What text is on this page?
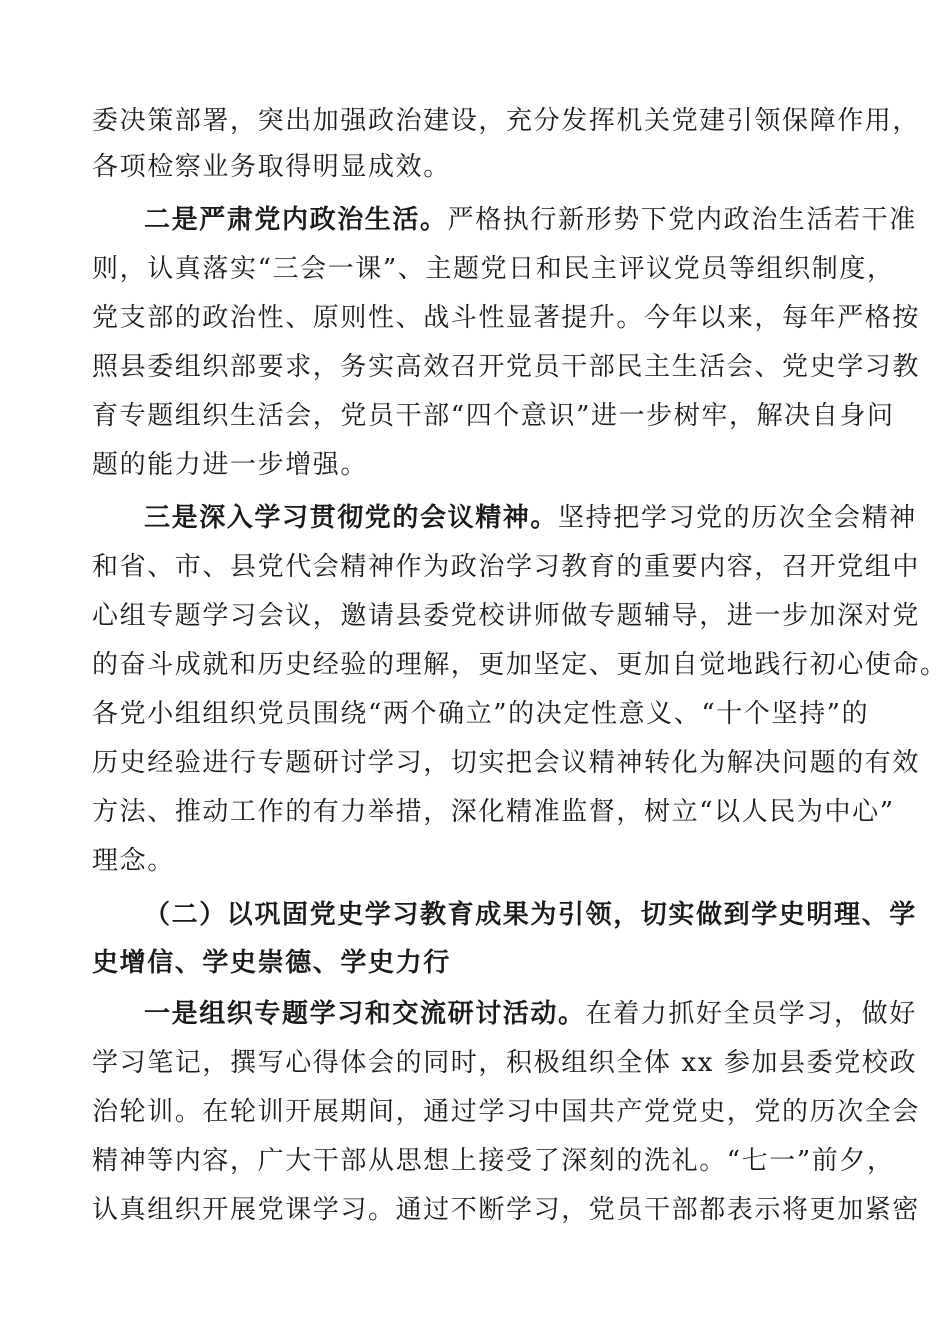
委决策部署，突出加强政治建设，充分发挥机关党建引领保障作用，
各项检察业务取得明显成效。
二是严肃党内政治生活。严格执行新形势下党内政治生活若干准
则，认真落实“三会一课”、主题党日和民主评议党员等组织制度，
党支部的政治性、原则性、战斗性显著提升。今年以来，每年严格按
照县委组织部要求，务实高效召开党员干部民主生活会、党史学习教
育专题组织生活会，党员干部“四个意识”进一步树牢，解决自身问
题的能力进一步增强。
三是深入学习贯彻党的会议精神。坚持把学习党的历次全会精神
和省、市、县党代会精神作为政治学习教育的重要内容，召开党组中
心组专题学习会议，邀请县委党校讲师做专题辅导，进一步加深对党
的奋斗成就和历史经验的理解，更加坚定、更加自觉地践行初心使命。
各党小组组织党员围绕“两个确立”的决定性意义、“十个坚持”的
历史经验进行专题研讨学习，切实把会议精神转化为解决问题的有效
方法、推动工作的有力举措，深化精准监督，树立“以人民为中心”
理念。
（二）以巩固党史学习教育成果为引领，切实做到学史明理、学
史增信、学史崇德、学史力行
一是组织专题学习和交流研讨活动。在着力抓好全员学习，做好
学习笔记，撰写心得体会的同时，积极组织全体 xx 参加县委党校政
治轮训。在轮训开展期间，通过学习中国共产党党史，党的历次全会
精神等内容，广大干部从思想上接受了深刻的洗礼。“七一”前夕，
认真组织开展党课学习。通过不断学习，党员干部都表示将更加紧密
